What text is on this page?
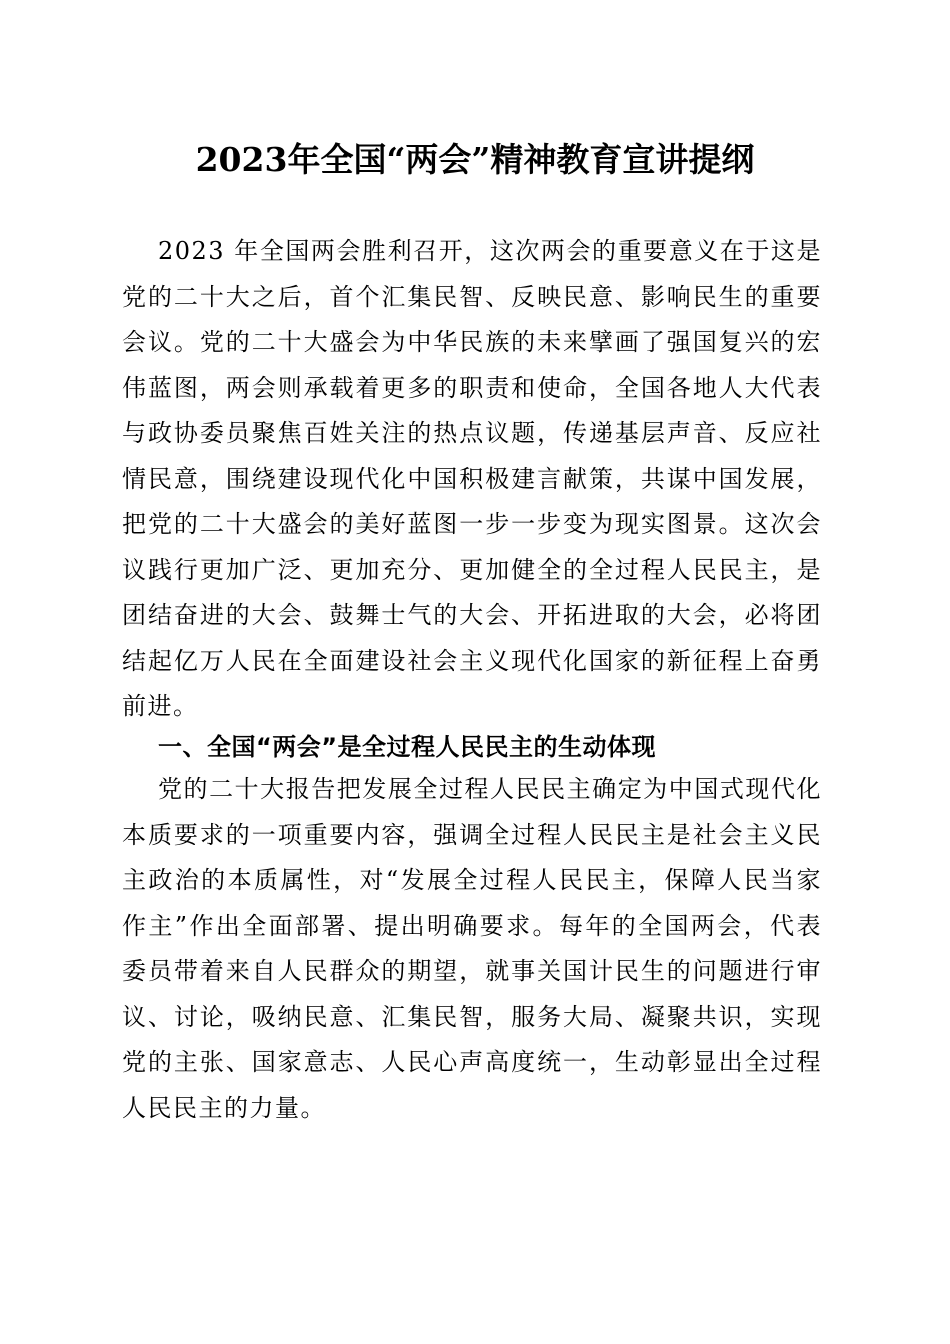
2023年全国“两会”精神教育宣讲提纲
2023 年全国两会胜利召开，这次两会的重要意义在于这是党的二十大之后，首个汇集民智、反映民意、影响民生的重要会议。党的二十大盛会为中华民族的未来擘画了强国复兴的宏伟蓝图，两会则承载着更多的职责和使命，全国各地人大代表与政协委员聚焦百姓关注的热点议题，传递基层声音、反应社情民意，围绕建设现代化中国积极建言献策，共谋中国发展，把党的二十大盛会的美好蓝图一步一步变为现实图景。这次会议践行更加广泛、更加充分、更加健全的全过程人民民主，是团结奋进的大会、鼓舞士气的大会、开拓进取的大会，必将团结起亿万人民在全面建设社会主义现代化国家的新征程上奋勇前进。
一、全国“两会”是全过程人民民主的生动体现
党的二十大报告把发展全过程人民民主确定为中国式现代化本质要求的一项重要内容，强调全过程人民民主是社会主义民主政治的本质属性，对“发展全过程人民民主，保障人民当家作主”作出全面部署、提出明确要求。每年的全国两会，代表委员带着来自人民群众的期望，就事关国计民生的问题进行审议、讨论，吸纳民意、汇集民智，服务大局、凝聚共识，实现党的主张、国家意志、人民心声高度统一，生动彰显出全过程人民民主的力量。
